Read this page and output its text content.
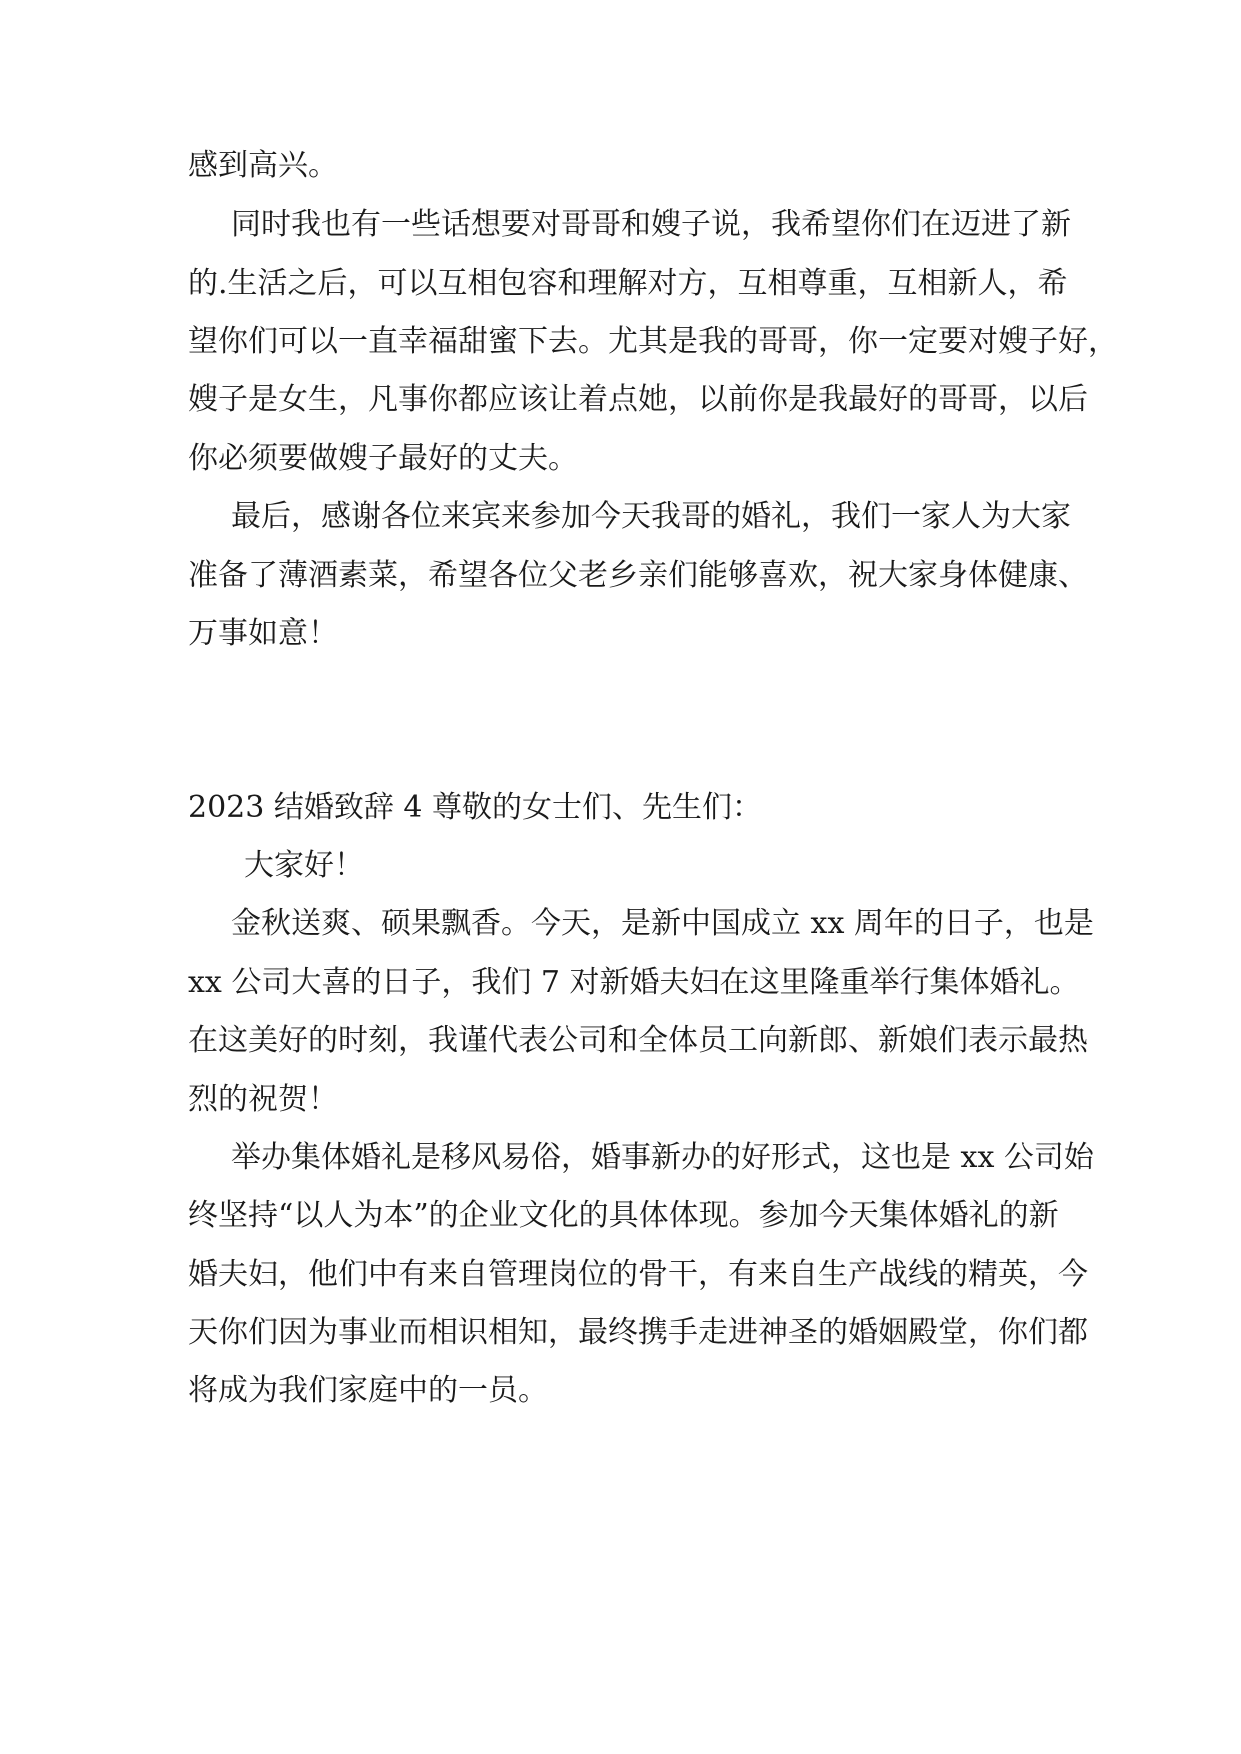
感到高兴。

同时我也有一些话想要对哥哥和嫂子说，我希望你们在迈进了新

的.生活之后，可以互相包容和理解对方，互相尊重，互相新人，希

望你们可以一直幸福甜蜜下去。尤其是我的哥哥，你一定要对嫂子好，

嫂子是女生，凡事你都应该让着点她，以前你是我最好的哥哥，以后

你必须要做嫂子最好的丈夫。

最后，感谢各位来宾来参加今天我哥的婚礼，我们一家人为大家

准备了薄酒素菜，希望各位父老乡亲们能够喜欢，祝大家身体健康、

万事如意！

2023 结婚致辞 4 尊敬的女士们、先生们：

大家好！

金秋送爽、硕果飘香。今天，是新中国成立 xx 周年的日子，也是

xx 公司大喜的日子，我们 7 对新婚夫妇在这里隆重举行集体婚礼。

在这美好的时刻，我谨代表公司和全体员工向新郎、新娘们表示最热

烈的祝贺！

举办集体婚礼是移风易俗，婚事新办的好形式，这也是 xx 公司始

终坚持“以人为本”的企业文化的具体体现。参加今天集体婚礼的新

婚夫妇，他们中有来自管理岗位的骨干，有来自生产战线的精英，今

天你们因为事业而相识相知，最终携手走进神圣的婚姻殿堂，你们都

将成为我们家庭中的一员。
